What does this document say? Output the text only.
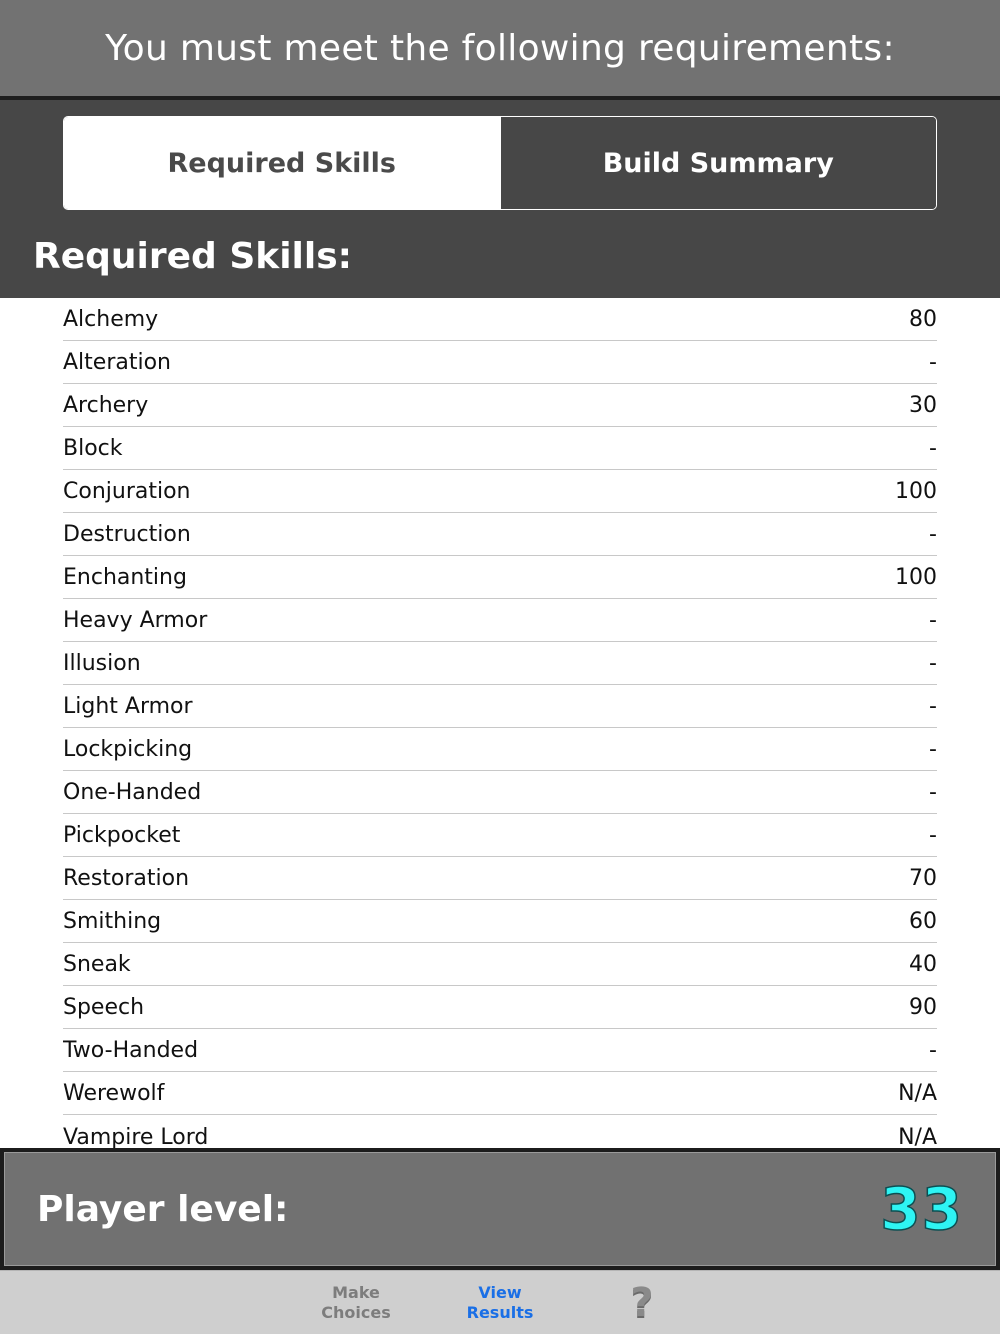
You must meet the following requirements:
Required Skills	Build Summary
Required Skills:
Alchemy	80
Alteration	-
Archery	30
Block	-
Conjuration	100
Destruction	-
Enchanting	100
Heavy Armor	-
Illusion	-
Light Armor	-
Lockpicking	-
One-Handed	-
Pickpocket	-
Restoration	70
Smithing	60
Sneak	40
Speech	90
Two-Handed	-
Werewolf	N/A
Vampire Lord	N/A
Player level:	33
Make
Choices
View
Results ?
